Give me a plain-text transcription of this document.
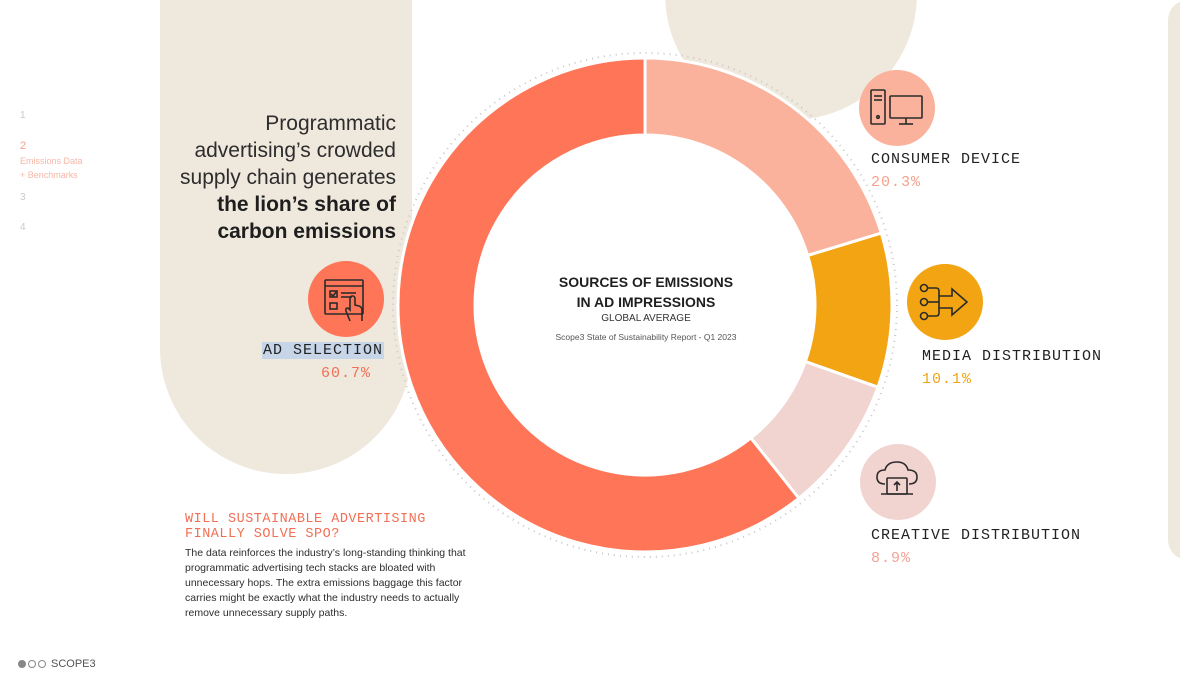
1
2
Emissions Data
+ Benchmarks
3
4
Programmatic
advertising’s crowded
supply chain generates
the lion’s share of
carbon emissions
SOURCES OF EMISSIONS
IN AD IMPRESSIONS
GLOBAL AVERAGE
Scope3 State of Sustainability Report - Q1 2023
AD SELECTION
60.7%
CONSUMER DEVICE
20.3%
MEDIA DISTRIBUTION
10.1%
CREATIVE DISTRIBUTION
8.9%
WILL SUSTAINABLE ADVERTISING FINALLY SOLVE SPO?
The data reinforces the industry’s long-standing thinking that programmatic advertising tech stacks are bloated with unnecessary hops. The extra emissions baggage this factor carries might be exactly what the industry needs to actually remove unnecessary supply paths.
SCOPE3
